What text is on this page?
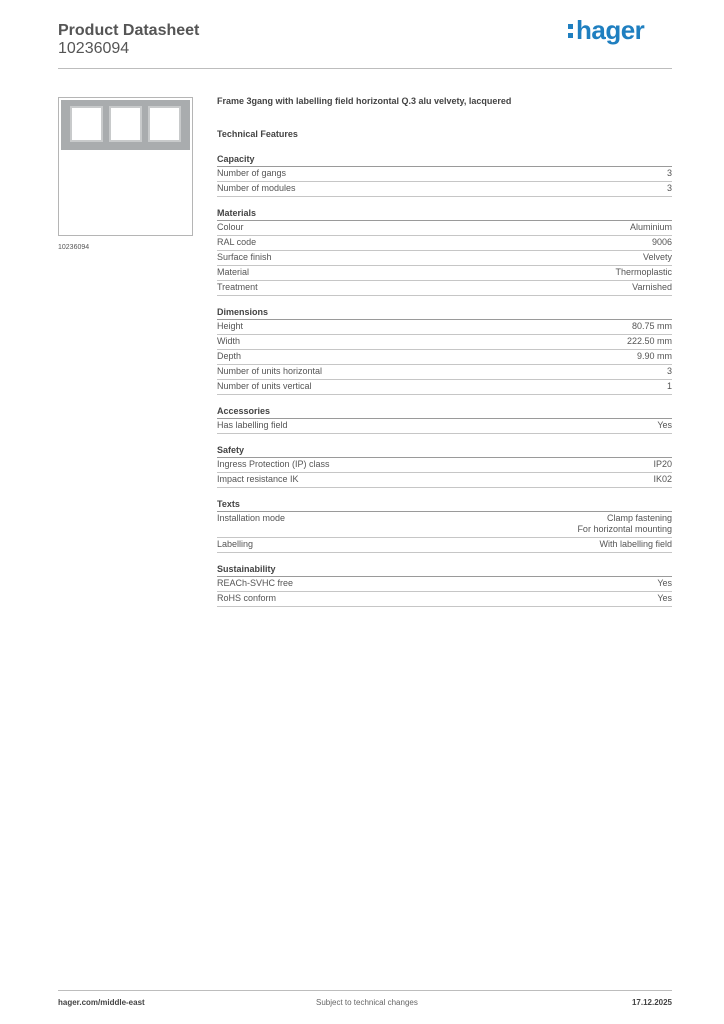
Product Datasheet
10236094
hager
10236094
Frame 3gang with labelling field horizontal Q.3 alu velvety, lacquered
Technical Features
Capacity
Number of gangs	3
Number of modules	3
Materials
Colour	Aluminium
RAL code	9006
Surface finish	Velvety
Material	Thermoplastic
Treatment	Varnished
Dimensions
Height	80.75 mm
Width	222.50 mm
Depth	9.90 mm
Number of units horizontal	3
Number of units vertical	1
Accessories
Has labelling field	Yes
Safety
Ingress Protection (IP) class	IP20
Impact resistance IK	IK02
Texts
Installation mode	Clamp fastening
For horizontal mounting
Labelling	With labelling field
Sustainability
REACh-SVHC free	Yes
RoHS conform	Yes
hager.com/middle-east	Subject to technical changes	17.12.2025
